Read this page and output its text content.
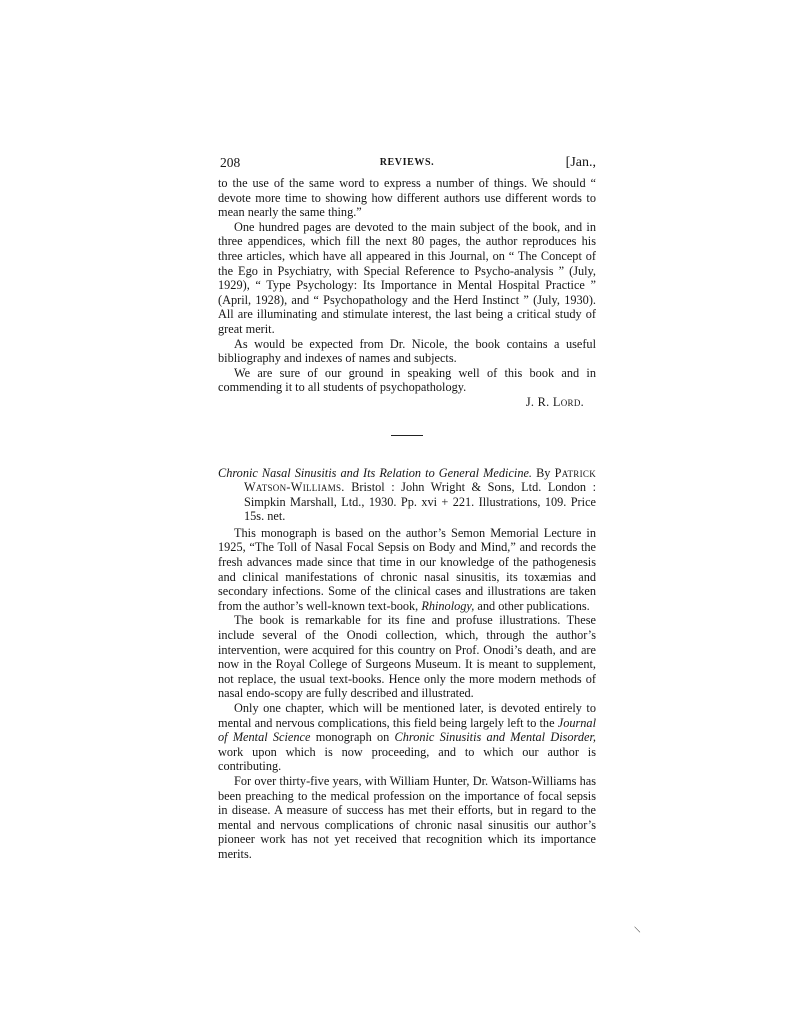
208	REVIEWS.	[Jan.,

to the use of the same word to express a number of things. We should “ devote more time to showing how different authors use different words to mean nearly the same thing.”

One hundred pages are devoted to the main subject of the book, and in three appendices, which fill the next 80 pages, the author reproduces his three articles, which have all appeared in this Journal, on “ The Concept of the Ego in Psychiatry, with Special Reference to Psycho-analysis ” (July, 1929), “ Type Psychology: Its Importance in Mental Hospital Practice ” (April, 1928), and “ Psychopathology and the Herd Instinct ” (July, 1930). All are illuminating and stimulate interest, the last being a critical study of great merit.

As would be expected from Dr. Nicole, the book contains a useful bibliography and indexes of names and subjects.

We are sure of our ground in speaking well of this book and in commending it to all students of psychopathology.

J. R. Lord.
Chronic Nasal Sinusitis and Its Relation to General Medicine. By Patrick Watson-Williams. Bristol : John Wright & Sons, Ltd. London : Simpkin Marshall, Ltd., 1930. Pp. xvi + 221. Illustrations, 109. Price 15s. net.

This monograph is based on the author’s Semon Memorial Lecture in 1925, “The Toll of Nasal Focal Sepsis on Body and Mind,” and records the fresh advances made since that time in our knowledge of the pathogenesis and clinical manifestations of chronic nasal sinusitis, its toxæmias and secondary infections. Some of the clinical cases and illustrations are taken from the author’s well-known text-book, Rhinology, and other publications.

The book is remarkable for its fine and profuse illustrations. These include several of the Onodi collection, which, through the author’s intervention, were acquired for this country on Prof. Onodi’s death, and are now in the Royal College of Surgeons Museum. It is meant to supplement, not replace, the usual text-books. Hence only the more modern methods of nasal endo-scopy are fully described and illustrated.

Only one chapter, which will be mentioned later, is devoted entirely to mental and nervous complications, this field being largely left to the Journal of Mental Science monograph on Chronic Sinusitis and Mental Disorder, work upon which is now proceeding, and to which our author is contributing.

For over thirty-five years, with William Hunter, Dr. Watson-Williams has been preaching to the medical profession on the importance of focal sepsis in disease. A measure of success has met their efforts, but in regard to the mental and nervous complications of chronic nasal sinusitis our author’s pioneer work has not yet received that recognition which its importance merits.

\
